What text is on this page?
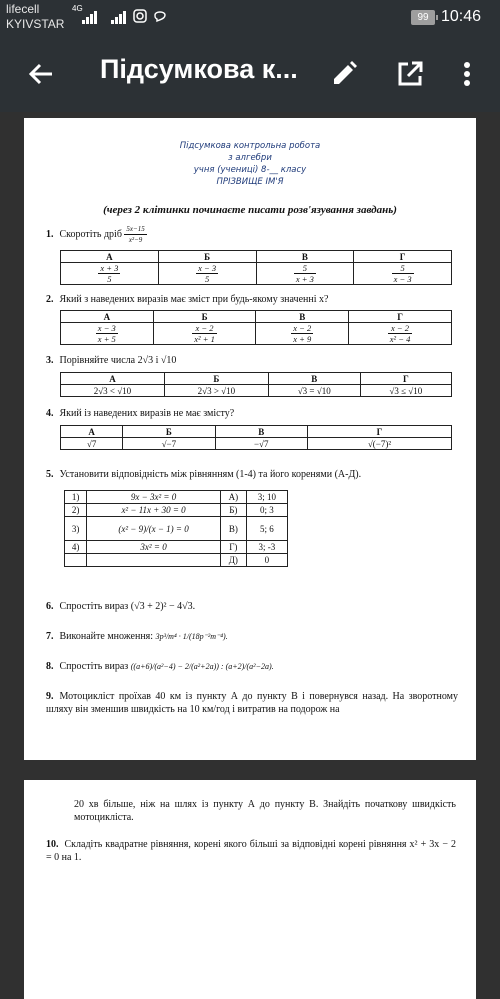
lifecell
KYIVSTAR
4G
99 10:46
Підсумкова к...
Підсумкова контрольна робота
з алгебри
учня (учениці) 8-__ класу
ПРІЗВИЩЕ ІМ'Я
(через 2 клітинки починаєте писати розв'язування завдань)
1. Скоротіть дріб $\frac{5x-15}{\text{x²−9}}$
А	Б	В	Г

$\frac{x + 3}{5}$	$\frac{x - 3}{5}$	$\frac{5}{x + 3}$	$\frac{5}{x - 3}$
2. Який з наведених виразів має зміст при будь-якому значенні x?
А	Б	В	Г

$\frac{x - 3}{x + 5}$	$\frac{x - 2}{\text{x² + 1}}$	$\frac{x - 2}{x + 9}$	$\frac{x - 2}{\text{x² − 4}}$
3. Порівняйте числа 2√3 і √10
А	Б	В	Г
2√3 < √10	2√3 > √10	√3 = √10	√3 ≤ √10
4. Який із наведених виразів не має змісту?
А	Б	В	Г
√7	√−7	−√7	√(−7)²
5. Установити відповідність між рівнянням (1-4) та його коренями (А-Д).
1)	9x − 3x² = 0	А)	3; 10
2)	x² − 11x + 30 = 0	Б)	0; 3
3)	(x² − 9)/(x − 1) = 0	В)	5; 6
4)	3x² = 0	Г)	3; -3
		Д)	0
6. Спростіть вираз (√3 + 2)² − 4√3.
7. Виконайте множення: 3p³/m⁴ · 1/(18p⁻²m⁻⁴).
8. Спростіть вираз ((a+6)/(a²−4) − 2/(a²+2a)) : (a+2)/(a²−2a).
9. Мотоцикліст проїхав 40 км із пункту А до пункту В і повернувся назад. На зворотному шляху він зменшив швидкість на 10 км/год і витратив на подорож на
20 хв більше, ніж на шлях із пункту А до пункту В. Знайдіть початкову швидкість мотоцикліста.
10. Складіть квадратне рівняння, корені якого більші за відповідні корені рівняння x² + 3x − 2 = 0 на 1.
